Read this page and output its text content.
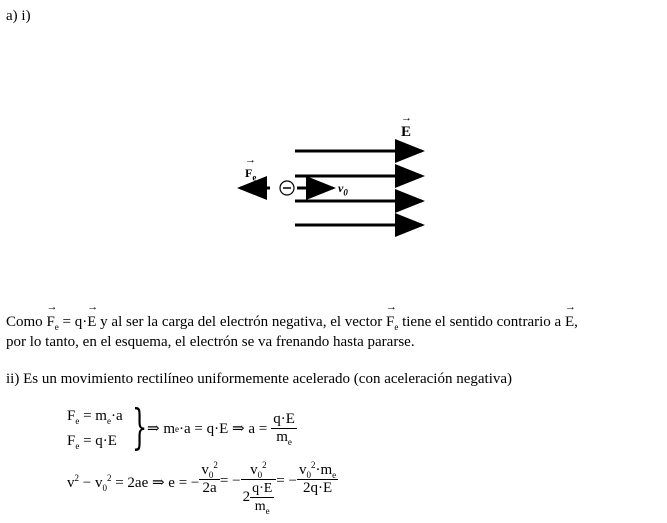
a) i)
→ E
→ $F_e$
$v_0$
Como → $F_e = q\cdot\to E$ y al ser la carga del electrón negativa, el vector → $F_e$ tiene el sentido contrario a → E,
por lo tanto, en el esquema, el electrón se va frenando hasta pararse.
ii) Es un movimiento rectilíneo uniformemente acelerado (con aceleración negativa)
$F_e = m_e\cdot a$
$F_e = q\cdot E$ } ⇒ m e ·a = q·E ⇒ $a = \frac{q\cdot E}{m_e}$
$v^2 - v_0^2 = 2ae$ ⇒ e = − $\frac{v_0^2}{2a}$ = − $\frac{v_0^2}{2 \frac{q\cdot E}{m_e}}$ = − $\frac{v_0^2\cdot m_e}{2q\cdot E}$
